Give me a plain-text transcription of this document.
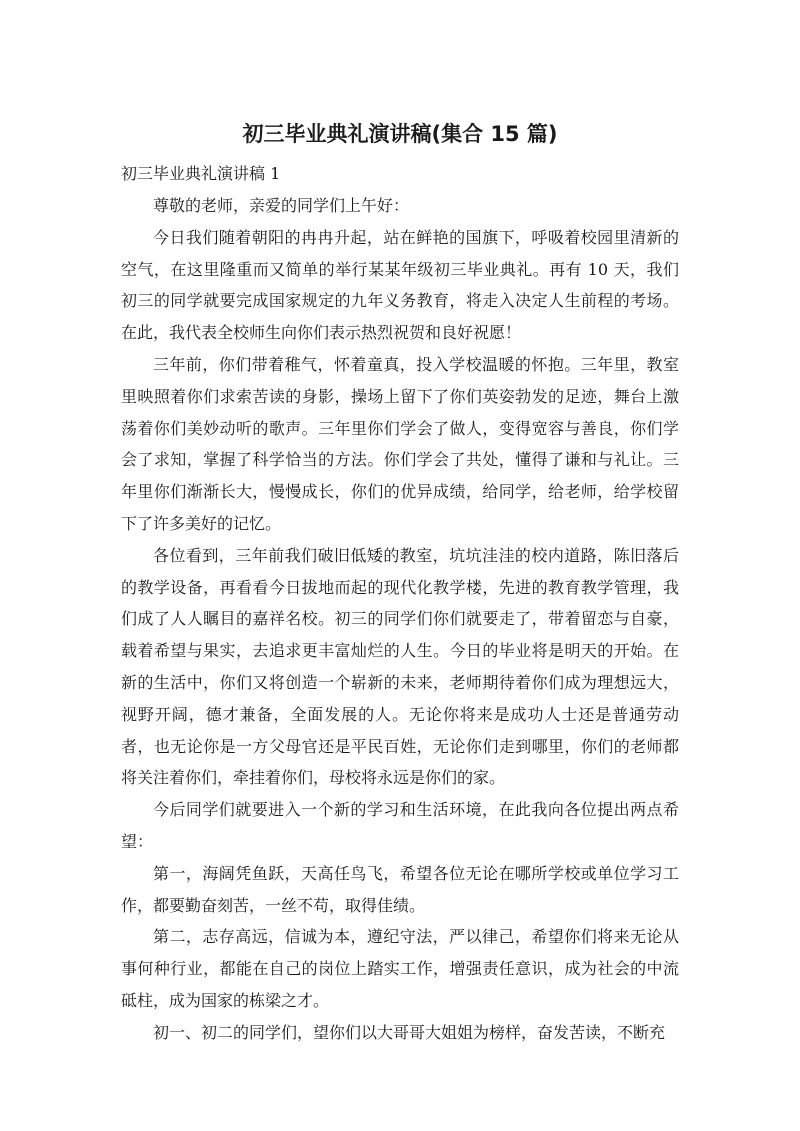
初三毕业典礼演讲稿(集合 15 篇)
初三毕业典礼演讲稿 1

尊敬的老师，亲爱的同学们上午好：

今日我们随着朝阳的冉冉升起，站在鲜艳的国旗下，呼吸着校园里清新的空气，在这里隆重而又简单的举行某某年级初三毕业典礼。再有 10 天，我们初三的同学就要完成国家规定的九年义务教育，将走入决定人生前程的考场。在此，我代表全校师生向你们表示热烈祝贺和良好祝愿！

三年前，你们带着稚气，怀着童真，投入学校温暖的怀抱。三年里，教室里映照着你们求索苦读的身影，操场上留下了你们英姿勃发的足迹，舞台上激荡着你们美妙动听的歌声。三年里你们学会了做人，变得宽容与善良，你们学会了求知，掌握了科学恰当的方法。你们学会了共处，懂得了谦和与礼让。三年里你们渐渐长大，慢慢成长，你们的优异成绩，给同学，给老师，给学校留下了许多美好的记忆。

各位看到，三年前我们破旧低矮的教室，坑坑洼洼的校内道路，陈旧落后的教学设备，再看看今日拔地而起的现代化教学楼，先进的教育教学管理，我们成了人人瞩目的嘉祥名校。初三的同学们你们就要走了，带着留恋与自豪，载着希望与果实，去追求更丰富灿烂的人生。今日的毕业将是明天的开始。在新的生活中，你们又将创造一个崭新的未来，老师期待着你们成为理想远大，视野开阔，德才兼备，全面发展的人。无论你将来是成功人士还是普通劳动者，也无论你是一方父母官还是平民百姓，无论你们走到哪里，你们的老师都将关注着你们，牵挂着你们，母校将永远是你们的家。

今后同学们就要进入一个新的学习和生活环境，在此我向各位提出两点希望：

第一，海阔凭鱼跃，天高任鸟飞，希望各位无论在哪所学校或单位学习工作，都要勤奋刻苦，一丝不苟，取得佳绩。

第二，志存高远，信诚为本，遵纪守法，严以律己，希望你们将来无论从事何种行业，都能在自己的岗位上踏实工作，增强责任意识，成为社会的中流砥柱，成为国家的栋梁之才。

初一、初二的同学们，望你们以大哥哥大姐姐为榜样，奋发苦读，不断充
